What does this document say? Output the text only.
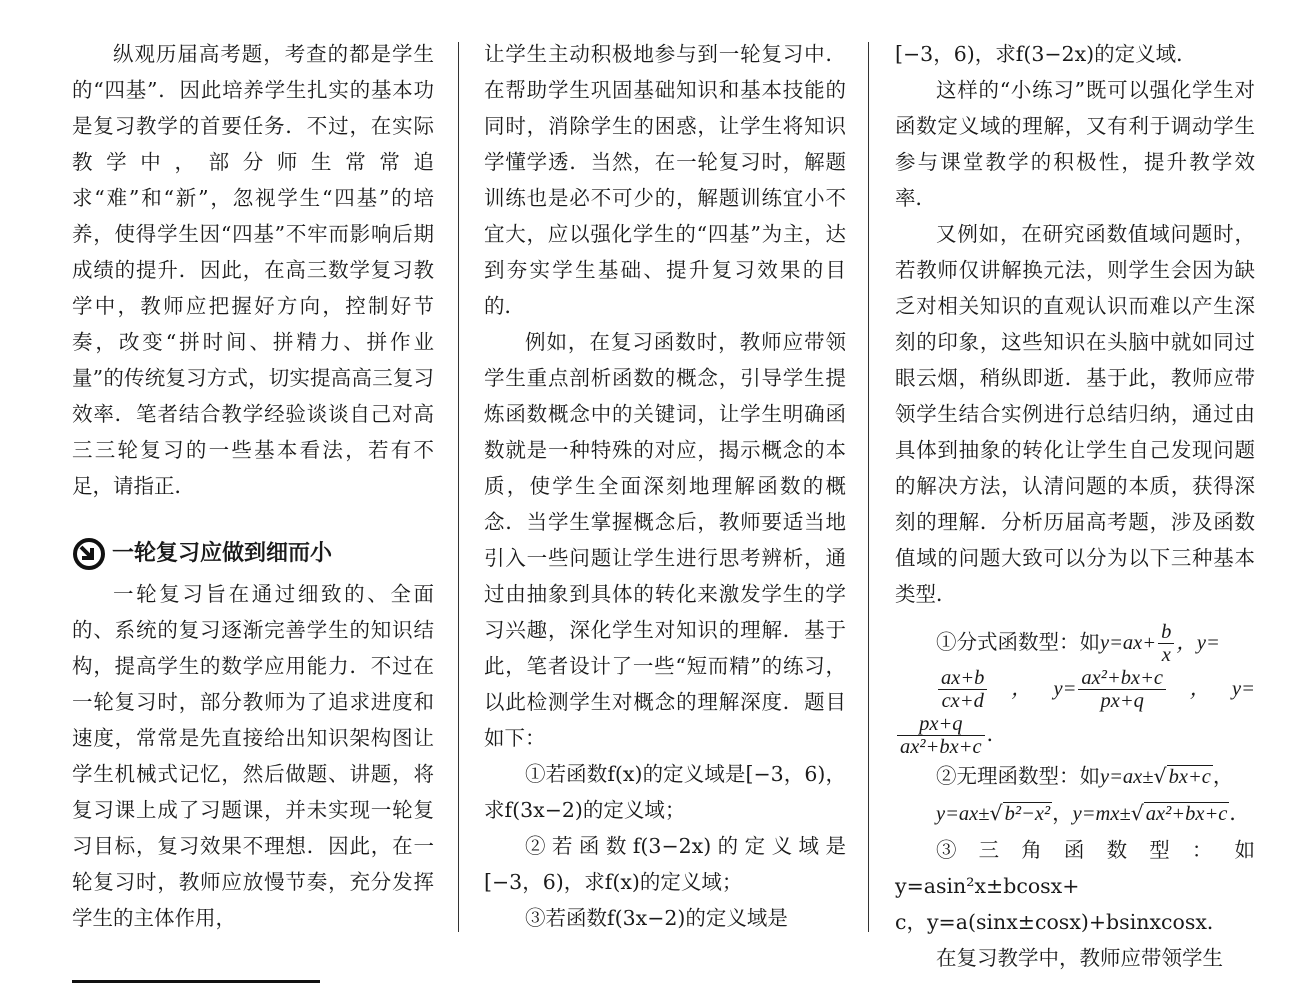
纵观历届高考题，考查的都是学生的“四基”．因此培养学生扎实的基本功是复习教学的首要任务．不过，在实际教学中，部分师生常常追求“难”和“新”，忽视学生“四基”的培养，使得学生因“四基”不牢而影响后期成绩的提升．因此，在高三数学复习教学中，教师应把握好方向，控制好节奏，改变“拼时间、拼精力、拼作业量”的传统复习方式，切实提高高三复习效率．笔者结合教学经验谈谈自己对高三三轮复习的一些基本看法，若有不足，请指正．

一轮复习应做到细而小

一轮复习旨在通过细致的、全面的、系统的复习逐渐完善学生的知识结构，提高学生的数学应用能力．不过在一轮复习时，部分教师为了追求进度和速度，常常是先直接给出知识架构图让学生机械式记忆，然后做题、讲题，将复习课上成了习题课，并未实现一轮复习目标，复习效果不理想．因此，在一轮复习时，教师应放慢节奏，充分发挥学生的主体作用，

让学生主动积极地参与到一轮复习中．在帮助学生巩固基础知识和基本技能的同时，消除学生的困惑，让学生将知识学懂学透．当然，在一轮复习时，解题训练也是必不可少的，解题训练宜小不宜大，应以强化学生的“四基”为主，达到夯实学生基础、提升复习效果的目的．

例如，在复习函数时，教师应带领学生重点剖析函数的概念，引导学生提炼函数概念中的关键词，让学生明确函数就是一种特殊的对应，揭示概念的本质，使学生全面深刻地理解函数的概念．当学生掌握概念后，教师要适当地引入一些问题让学生进行思考辨析，通过由抽象到具体的转化来激发学生的学习兴趣，深化学生对知识的理解．基于此，笔者设计了一些“短而精”的练习，以此检测学生对概念的理解深度．题目如下：

①若函数f(x)的定义域是[−3，6)，求f(3x−2)的定义域；

②若函数f(3−2x)的定义域是[−3，6)，求f(x)的定义域；

③若函数f(3x−2)的定义域是

[−3，6)，求f(3−2x)的定义域．

这样的“小练习”既可以强化学生对函数定义域的理解，又有利于调动学生参与课堂教学的积极性，提升教学效率．

又例如，在研究函数值域问题时，若教师仅讲解换元法，则学生会因为缺乏对相关知识的直观认识而难以产生深刻的印象，这些知识在头脑中就如同过眼云烟，稍纵即逝．基于此，教师应带领学生结合实例进行总结归纳，通过由具体到抽象的转化让学生自己发现问题的解决方法，认清问题的本质，获得深刻的理解．分析历届高考题，涉及函数值域的问题大致可以分为以下三种基本类型．

①分式函数型：如$y=ax+ \frac{b}{x}$ ，y=

$\frac{ax+b}{cx+d}$ ，$y= \frac{\text{ax²+bx+c}}{px+q}$ ，y=
$\frac{px+q}{\text{ax²+bx+c}}$ ．

②无理函数型：如y=ax±√bx+c，

y=ax±√b²−x²，y=mx±√ax²+bx+c．

③三角函数型：如y=asin²x±bcosx+

c，y=a(sinx±cosx)+bsinxcosx．

在复习教学中，教师应带领学生
